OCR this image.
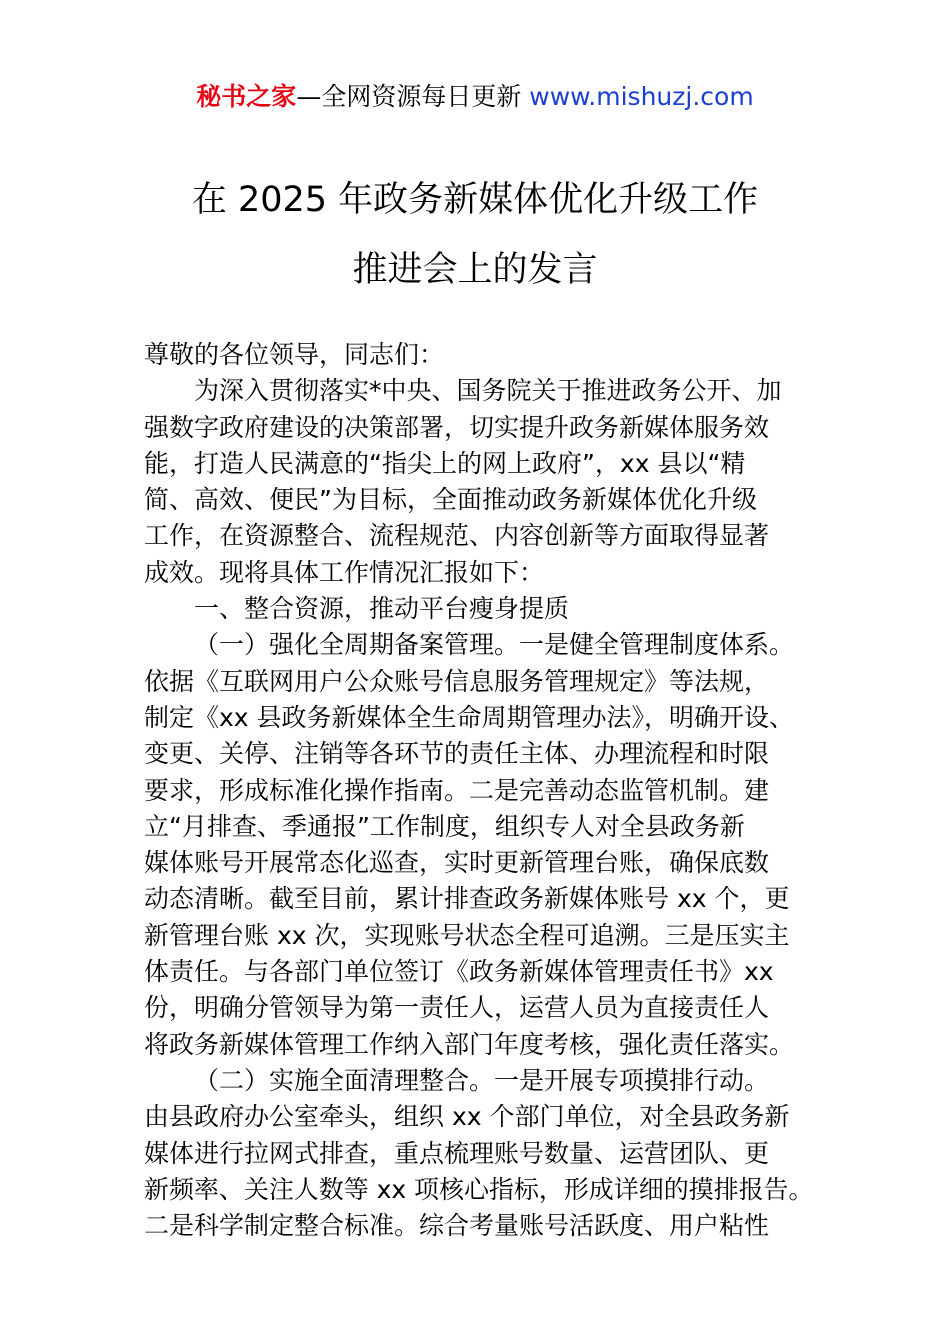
秘书之家—全网资源每日更新 www.mishuzj.com
在 2025 年政务新媒体优化升级工作
推进会上的发言
尊敬的各位领导，同志们：
为深入贯彻落实*中央、国务院关于推进政务公开、加
强数字政府建设的决策部署，切实提升政务新媒体服务效
能，打造人民满意的“指尖上的网上政府”，xx 县以“精
简、高效、便民”为目标，全面推动政务新媒体优化升级
工作，在资源整合、流程规范、内容创新等方面取得显著
成效。现将具体工作情况汇报如下：
一、整合资源，推动平台瘦身提质
（一）强化全周期备案管理。一是健全管理制度体系。
依据《互联网用户公众账号信息服务管理规定》等法规，
制定《xx 县政务新媒体全生命周期管理办法》，明确开设、
变更、关停、注销等各环节的责任主体、办理流程和时限
要求，形成标准化操作指南。二是完善动态监管机制。建
立“月排查、季通报”工作制度，组织专人对全县政务新
媒体账号开展常态化巡查，实时更新管理台账，确保底数
动态清晰。截至目前，累计排查政务新媒体账号 xx 个，更
新管理台账 xx 次，实现账号状态全程可追溯。三是压实主
体责任。与各部门单位签订《政务新媒体管理责任书》xx
份，明确分管领导为第一责任人，运营人员为直接责任人
将政务新媒体管理工作纳入部门年度考核，强化责任落实。
（二）实施全面清理整合。一是开展专项摸排行动。
由县政府办公室牵头，组织 xx 个部门单位，对全县政务新
媒体进行拉网式排查，重点梳理账号数量、运营团队、更
新频率、关注人数等 xx 项核心指标，形成详细的摸排报告。
二是科学制定整合标准。综合考量账号活跃度、用户粘性
